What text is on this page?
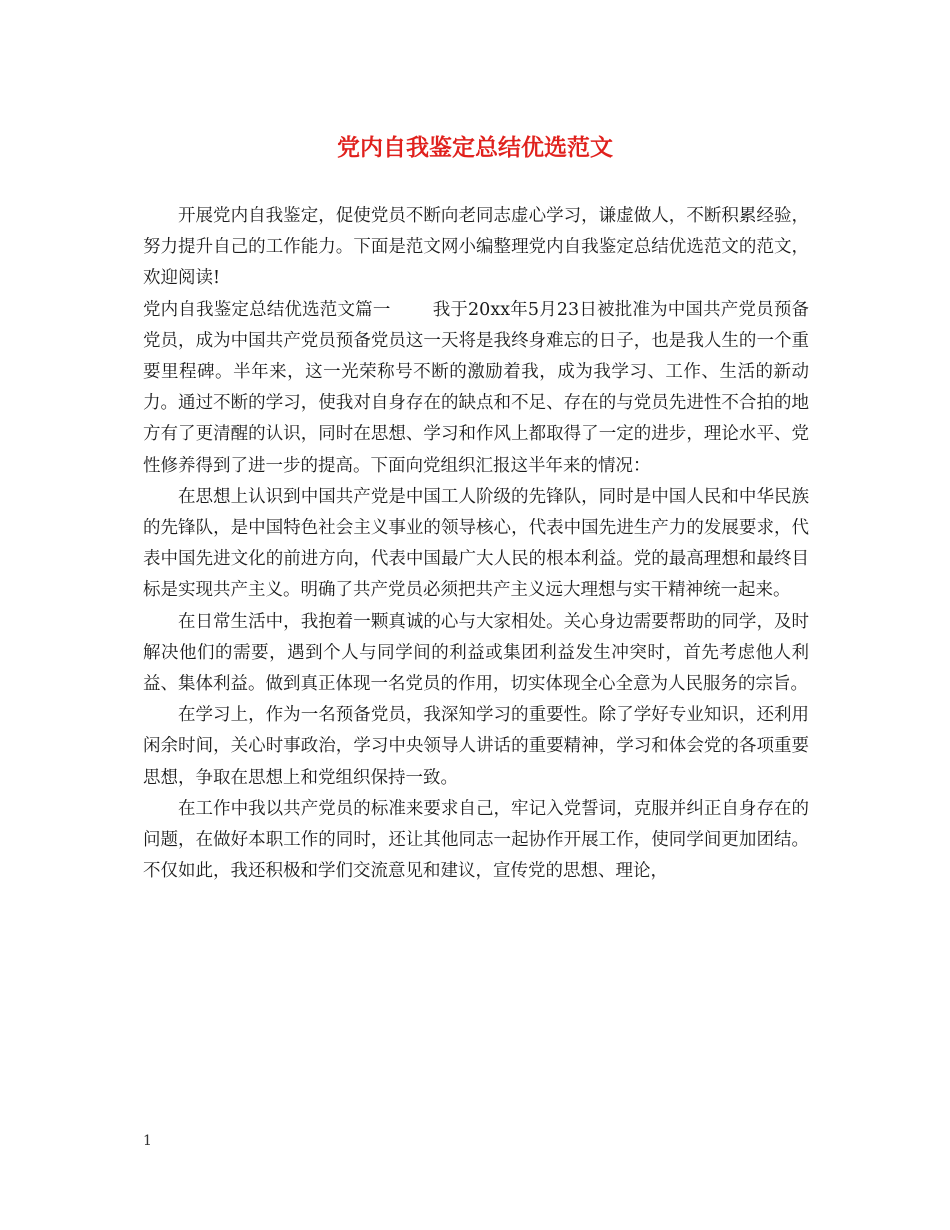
党内自我鉴定总结优选范文

开展党内自我鉴定，促使党员不断向老同志虚心学习，谦虚做人，不断积累经验，努力提升自己的工作能力。下面是范文网小编整理党内自我鉴定总结优选范文的范文，欢迎阅读!

党内自我鉴定总结优选范文篇一 我于20xx年5月23日被批准为中国共产党员预备党员，成为中国共产党员预备党员这一天将是我终身难忘的日子，也是我人生的一个重要里程碑。半年来，这一光荣称号不断的激励着我，成为我学习、工作、生活的新动力。通过不断的学习，使我对自身存在的缺点和不足、存在的与党员先进性不合拍的地方有了更清醒的认识，同时在思想、学习和作风上都取得了一定的进步，理论水平、党性修养得到了进一步的提高。下面向党组织汇报这半年来的情况：

在思想上认识到中国共产党是中国工人阶级的先锋队，同时是中国人民和中华民族的先锋队，是中国特色社会主义事业的领导核心，代表中国先进生产力的发展要求，代表中国先进文化的前进方向，代表中国最广大人民的根本利益。党的最高理想和最终目标是实现共产主义。明确了共产党员必须把共产主义远大理想与实干精神统一起来。

在日常生活中，我抱着一颗真诚的心与大家相处。关心身边需要帮助的同学，及时解决他们的需要，遇到个人与同学间的利益或集团利益发生冲突时，首先考虑他人利益、集体利益。做到真正体现一名党员的作用，切实体现全心全意为人民服务的宗旨。

在学习上，作为一名预备党员，我深知学习的重要性。除了学好专业知识，还利用闲余时间，关心时事政治，学习中央领导人讲话的重要精神，学习和体会党的各项重要思想，争取在思想上和党组织保持一致。

在工作中我以共产党员的标准来要求自己，牢记入党誓词，克服并纠正自身存在的问题，在做好本职工作的同时，还让其他同志一起协作开展工作，使同学间更加团结。不仅如此，我还积极和学们交流意见和建议，宣传党的思想、理论，

1
